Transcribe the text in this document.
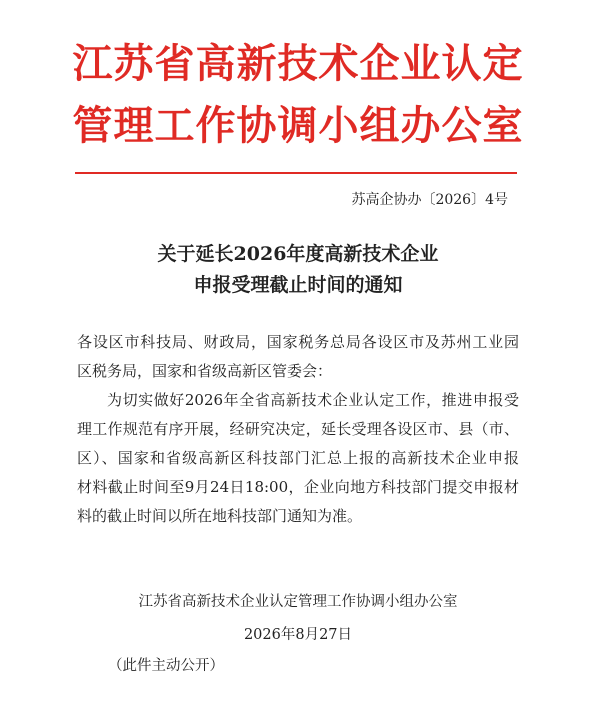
江苏省高新技术企业认定
管理工作协调小组办公室
苏高企协办〔2026〕4号
关于延长2026年度高新技术企业
申报受理截止时间的通知
各设区市科技局、财政局，国家税务总局各设区市及苏州工业园
区税务局，国家和省级高新区管委会：
为切实做好2026年全省高新技术企业认定工作，推进申报受
理工作规范有序开展，经研究决定，延长受理各设区市、县（市、
区）、国家和省级高新区科技部门汇总上报的高新技术企业申报
材料截止时间至9月24日18:00，企业向地方科技部门提交申报材
料的截止时间以所在地科技部门通知为准。
江苏省高新技术企业认定管理工作协调小组办公室
2026年8月27日
（此件主动公开）
